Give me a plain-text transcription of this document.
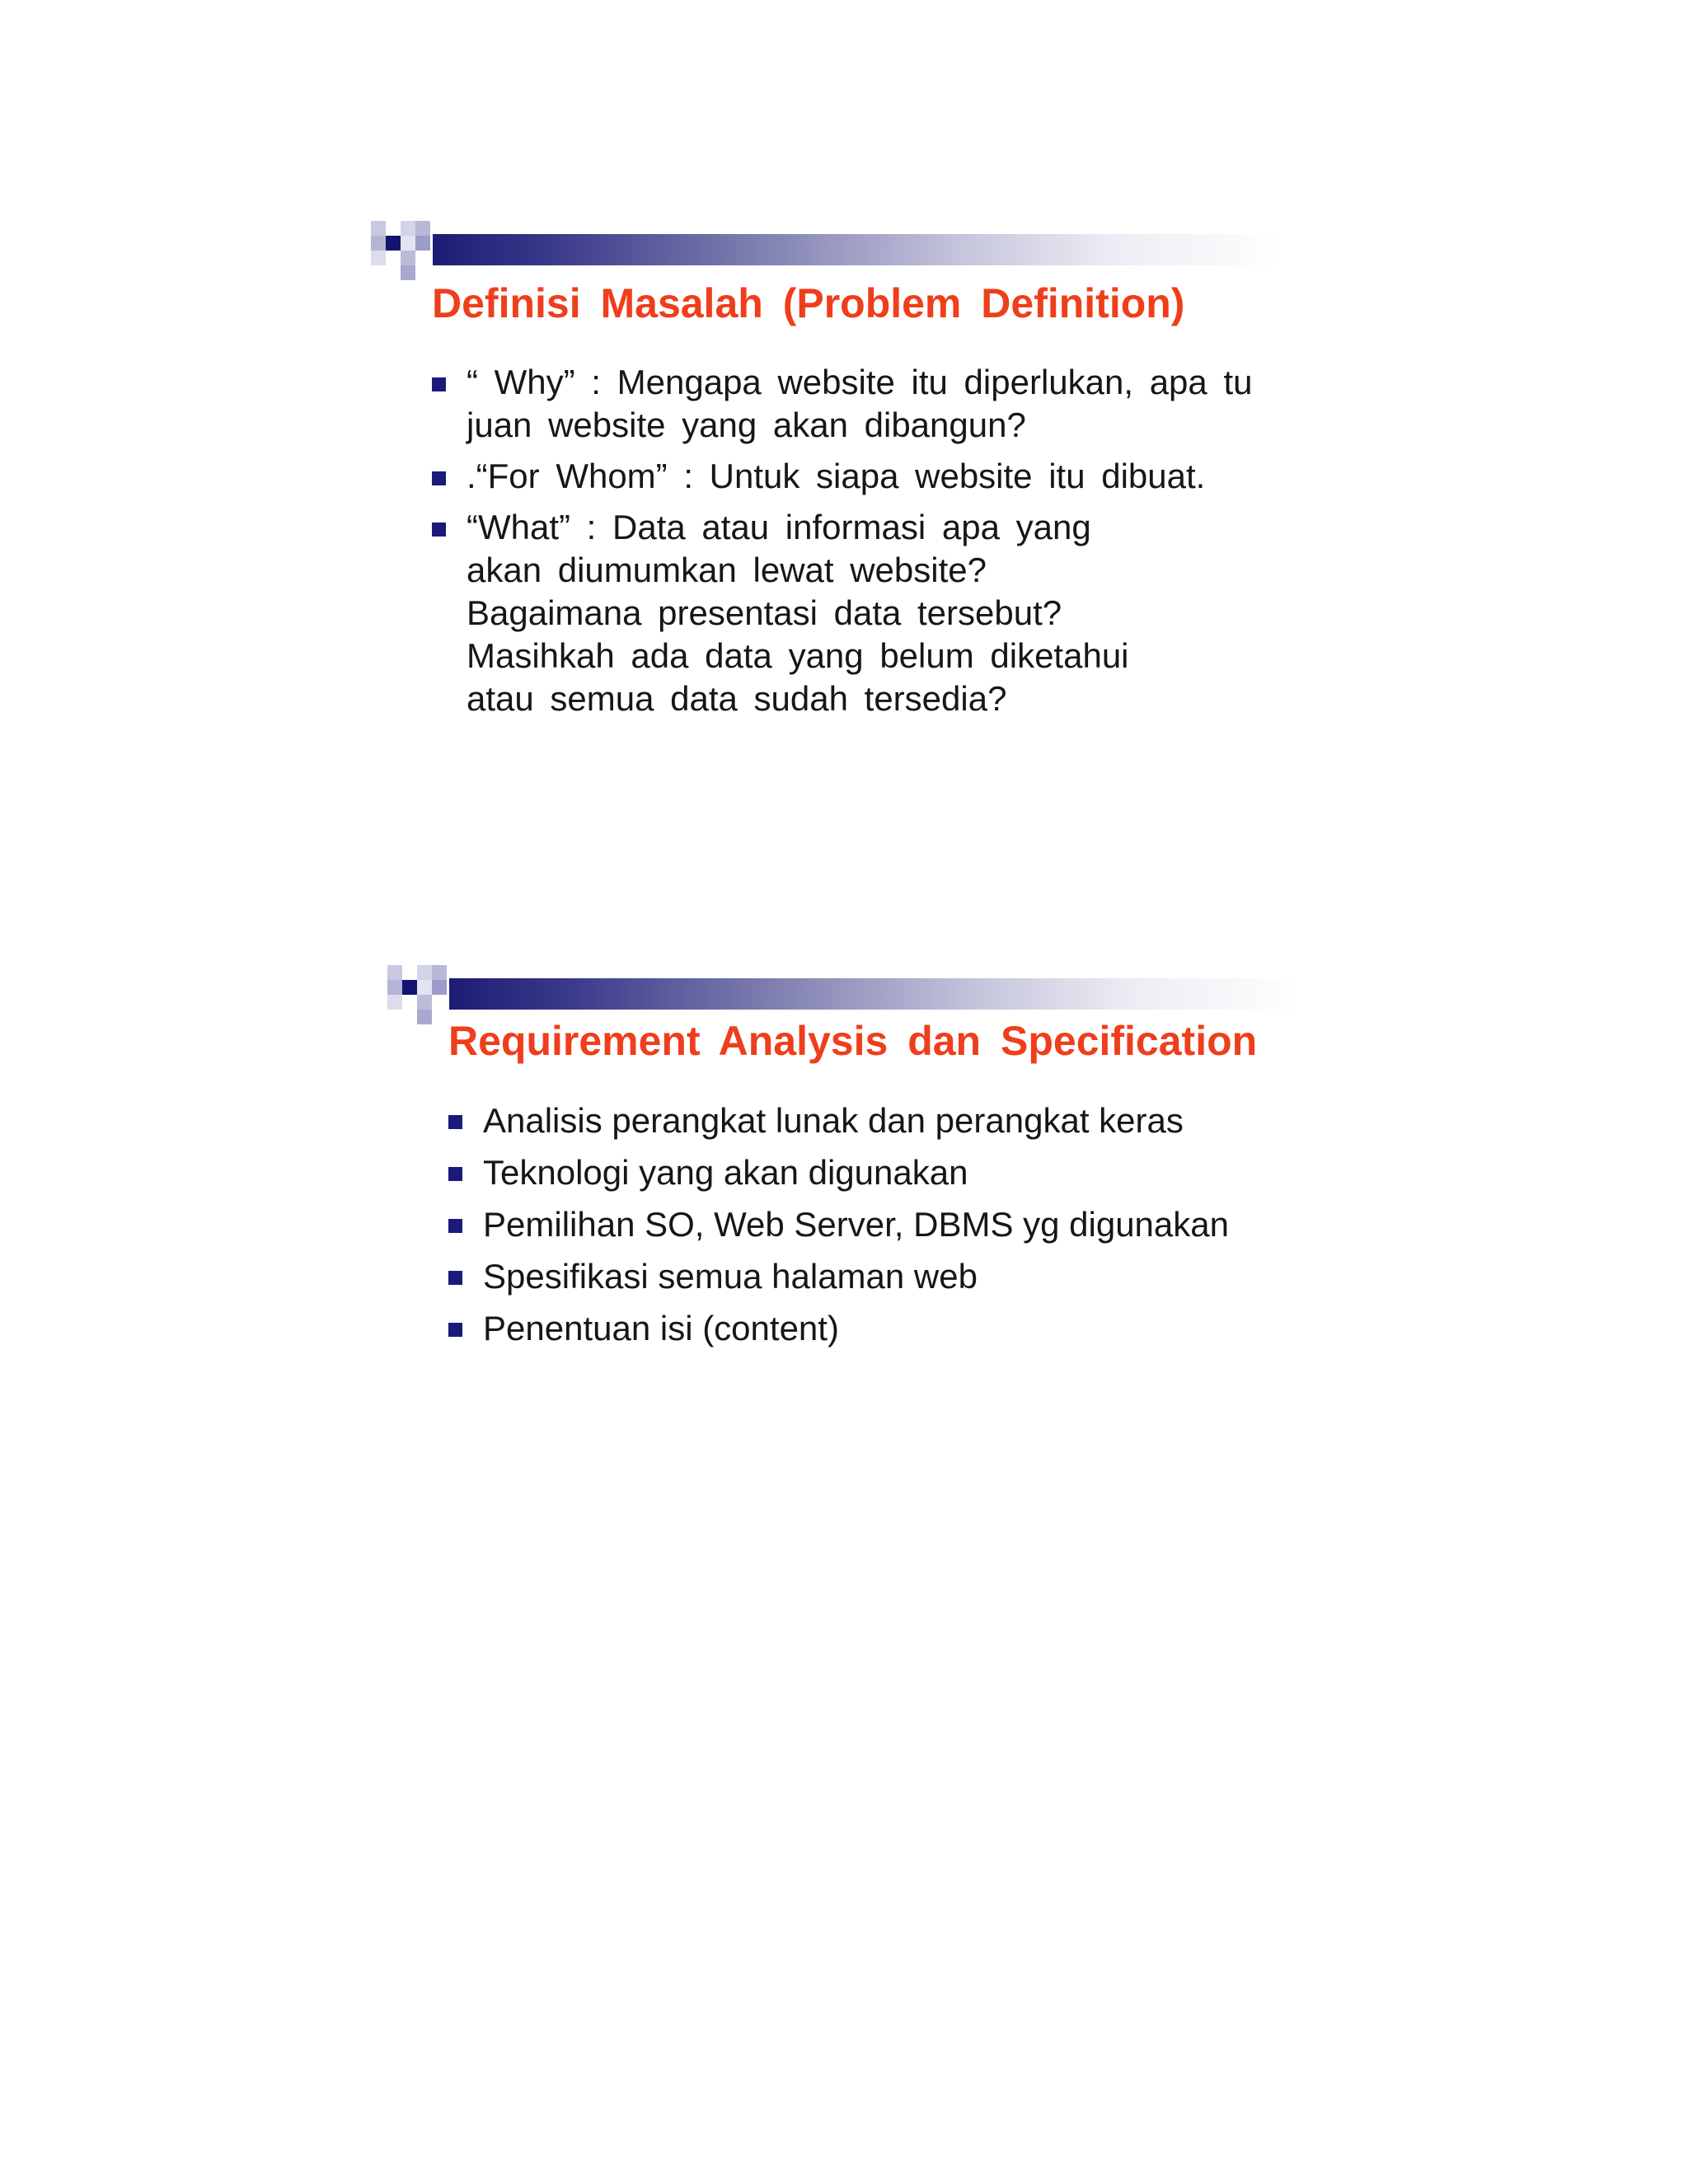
Definisi Masalah (Problem Definition)
“ Why” : Mengapa website itu diperlukan, apa tu
juan website yang akan dibangun?
.“For Whom” : Untuk siapa website itu dibuat.
“What” : Data atau informasi apa yang
akan diumumkan lewat website?
Bagaimana presentasi data tersebut?
Masihkah ada data yang belum diketahui
atau semua data sudah tersedia?
Requirement Analysis dan Specification
Analisis perangkat lunak dan perangkat keras
Teknologi yang akan digunakan
Pemilihan SO, Web Server, DBMS yg digunakan
Spesifikasi semua halaman web
Penentuan isi (content)
